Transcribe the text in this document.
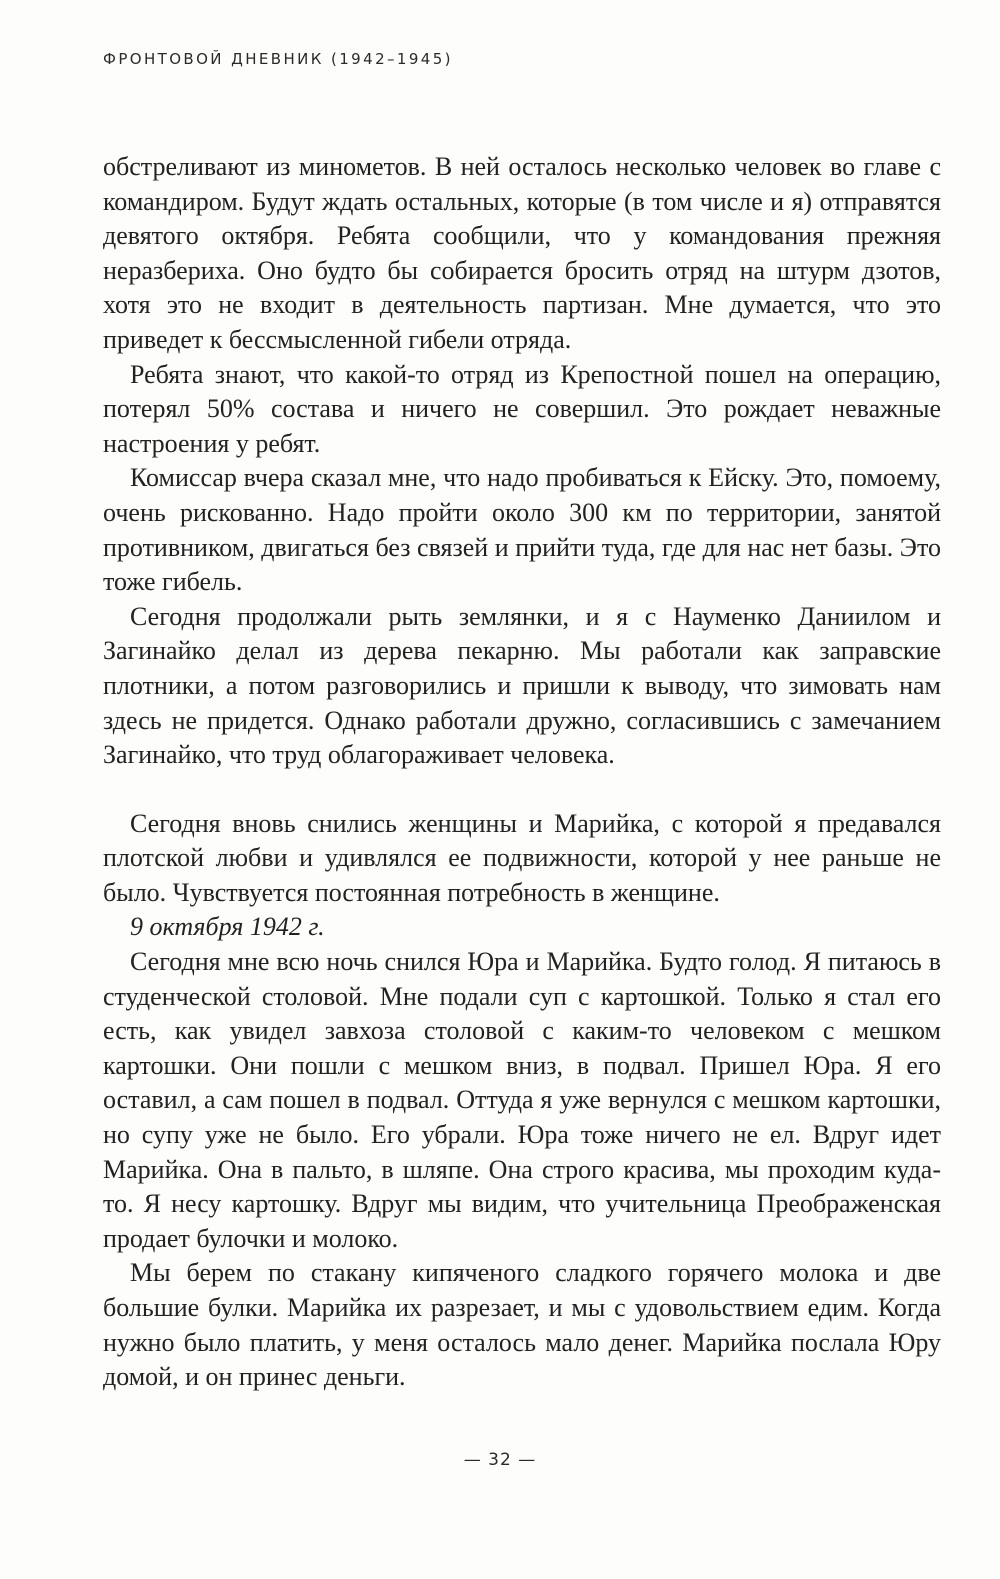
ФРОНТОВОЙ ДНЕВНИК (1942–1945)

обстреливают из минометов. В ней осталось несколько человек во главе с командиром. Будут ждать остальных, которые (в том числе и я) отправятся девятого октября. Ребята сообщили, что у командования прежняя неразбериха. Оно будто бы собирается бросить отряд на штурм дзотов, хотя это не входит в деятельность партизан. Мне думается, что это приведет к бессмысленной гибели отряда.

Ребята знают, что какой-то отряд из Крепостной пошел на операцию, потерял 50% состава и ничего не совершил. Это рождает неважные настроения у ребят.

Комиссар вчера сказал мне, что надо пробиваться к Ейску. Это, помоему, очень рискованно. Надо пройти около 300 км по территории, занятой противником, двигаться без связей и прийти туда, где для нас нет базы. Это тоже гибель.

Сегодня продолжали рыть землянки, и я с Науменко Даниилом и Загинайко делал из дерева пекарню. Мы работали как заправские плотники, а потом разговорились и пришли к выводу, что зимовать нам здесь не придется. Однако работали дружно, согласившись с замечанием Загинайко, что труд облагораживает человека.

Сегодня вновь снились женщины и Марийка, с которой я предавался плотской любви и удивлялся ее подвижности, которой у нее раньше не было. Чувствуется постоянная потребность в женщине.

9 октября 1942 г.

Сегодня мне всю ночь снился Юра и Марийка. Будто голод. Я питаюсь в студенческой столовой. Мне подали суп с картошкой. Только я стал его есть, как увидел завхоза столовой с каким-то человеком с мешком картошки. Они пошли с мешком вниз, в подвал. Пришел Юра. Я его оставил, а сам пошел в подвал. Оттуда я уже вернулся с мешком картошки, но супу уже не было. Его убрали. Юра тоже ничего не ел. Вдруг идет Марийка. Она в пальто, в шляпе. Она строго красива, мы проходим куда-то. Я несу картошку. Вдруг мы видим, что учительница Преображенская продает булочки и молоко.

Мы берем по стакану кипяченого сладкого горячего молока и две большие булки. Марийка их разрезает, и мы с удовольствием едим. Когда нужно было платить, у меня осталось мало денег. Марийка послала Юру домой, и он принес деньги.

— 32 —
